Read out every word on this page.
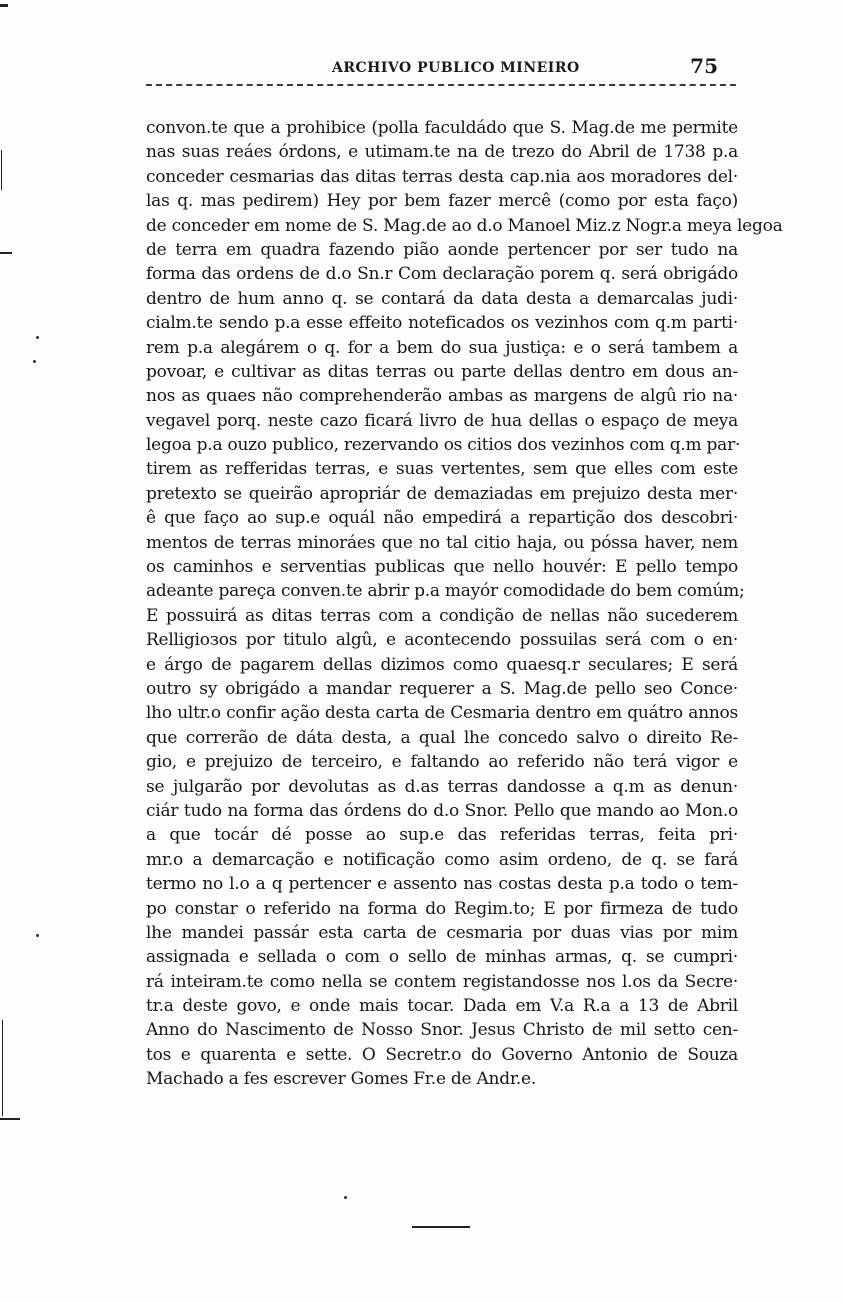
ARCHIVO PUBLICO MINEIRO	75
convon.te que a prohibice (polla faculdádo que S. Mag.de me permite
nas suas reáes órdons, e utimam.te na de trezo do Abril de 1738 p.a
conceder cesmarias das ditas terras desta cap.nia aos moradores del·
las q. mas pedirem) Hey por bem fazer mercê (como por esta faço)
de conceder em nome de S. Mag.de ao d.o Manoel Miz.z Nogr.a meya legoa
de terra em quadra fazendo pião aonde pertencer por ser tudo na
forma das ordens de d.o Sn.r Com declaração porem q. será obrigádo
dentro de hum anno q. se contará da data desta a demarcalas judi·
cialm.te sendo p.a esse effeito noteficados os vezinhos com q.m parti·
rem p.a alegárem o q. for a bem do sua justiça: e o será tambem a
povoar, e cultivar as ditas terras ou parte dellas dentro em dous an-
nos as quaes não comprehenderão ambas as margens de algû rio na·
vegavel porq. neste cazo ficará livro de hua dellas o espaço de meya
legoa p.a ouzo publico, rezervando os citios dos vezinhos com q.m par·
tirem as refferidas terras, e suas vertentes, sem que elles com este
pretexto se queirão apropriár de demaziadas em prejuizo desta mer·
ê que faço ao sup.e oquál não empedirá a repartição dos descobri·
mentos de terras minoráes que no tal citio haja, ou póssa haver, nem
os caminhos e serventias publicas que nello houvér: E pello tempo
adeante pareça conven.te abrir p.a mayór comodidade do bem comúm;
E possuirá as ditas terras com a condição de nellas não sucederem
Relligiозos por titulo algû, e acontecendo possuilas será com o en·
e árgo de pagarem dellas dizimos como quaesq.r seculares; E será
outro sy obrigádo a mandar requerer a S. Mag.de pello seo Conce·
lho ultr.o confir ação desta carta de Cesmaria dentro em quátro annos
que correrão de dáta desta, a qual lhe concedo salvo o direito Re-
gio, e prejuizo de terceiro, e faltando ao referido não terá vigor e
se julgarão por devolutas as d.as terras dandosse a q.m as denun·
ciár tudo na forma das órdens do d.o Snor. Pello que mando ao Mon.o
a que tocár dé posse ao sup.e das referidas terras, feita pri·
mr.o a demarcação e notificação como asim ordeno, de q. se fará
termo no l.o a q pertencer e assento nas costas desta p.a todo o tem-
po constar o referido na forma do Regim.to; E por firmeza de tudo
lhe mandei passár esta carta de cesmaria por duas vias por mim
assignada e sellada o com o sello de minhas armas, q. se cumpri·
rá inteiram.te como nella se contem registandosse nos l.os da Secre·
tr.a deste govo, e onde mais tocar. Dada em V.a R.a a 13 de Abril
Anno do Nascimento de Nosso Snor. Jesus Christo de mil setto cen-
tos e quarenta e sette. O Secretr.o do Governo Antonio de Souza
Machado a fes escrever Gomes Fr.e de Andr.e.
